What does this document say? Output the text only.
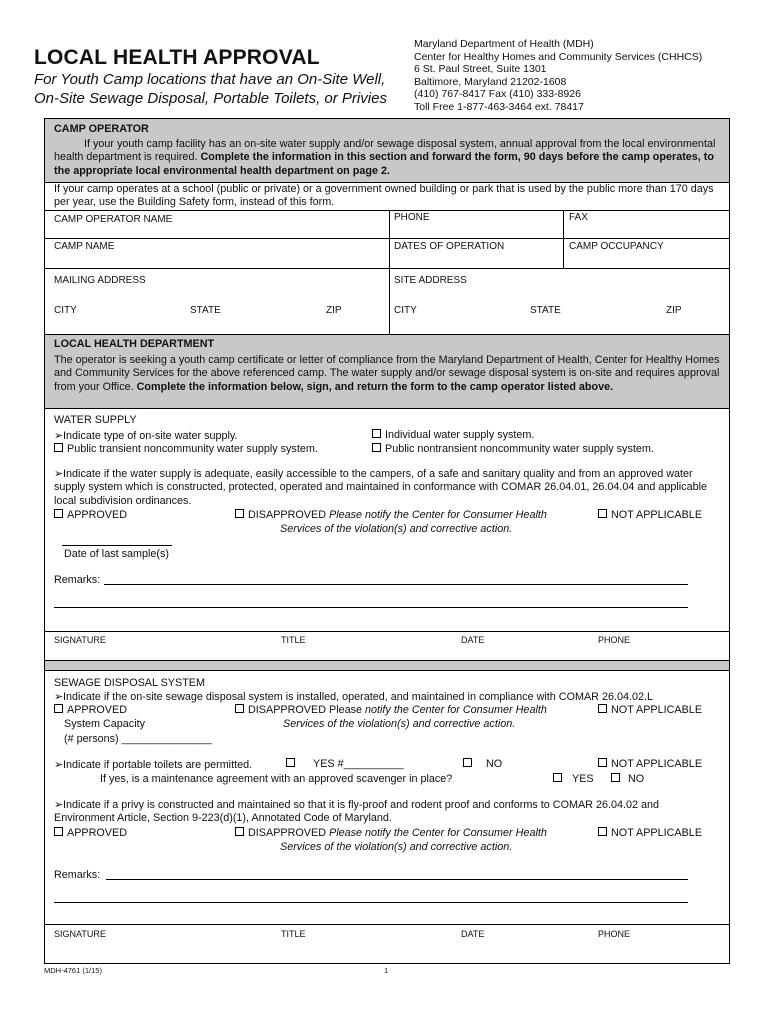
LOCAL HEALTH APPROVAL
For Youth Camp locations that have an On-Site Well,
On-Site Sewage Disposal, Portable Toilets, or Privies
Maryland Department of Health (MDH)
Center for Healthy Homes and Community Services (CHHCS)
6 St. Paul Street, Suite 1301
Baltimore, Maryland 21202-1608
(410) 767-8417 Fax (410) 333-8926
Toll Free 1-877-463-3464 ext. 78417
CAMP OPERATOR
If your youth camp facility has an on-site water supply and/or sewage disposal system, annual approval from the local environmental health department is required. Complete the information in this section and forward the form, 90 days before the camp operates, to the appropriate local environmental health department on page 2.
If your camp operates at a school (public or private) or a government owned building or park that is used by the public more than 170 days per year, use the Building Safety form, instead of this form.
CAMP OPERATOR NAME	PHONE	FAX
CAMP NAME	DATES OF OPERATION	CAMP OCCUPANCY
MAILING ADDRESS	SITE ADDRESS
CITY	STATE	ZIP	CITY	STATE	ZIP
LOCAL HEALTH DEPARTMENT
The operator is seeking a youth camp certificate or letter of compliance from the Maryland Department of Health, Center for Healthy Homes and Community Services for the above referenced camp. The water supply and/or sewage disposal system is on-site and requires approval from your Office. Complete the information below, sign, and return the form to the camp operator listed above.
WATER SUPPLY
➢Indicate type of on-site water supply.	Individual water supply system.
Public transient noncommunity water supply system.	Public nontransient noncommunity water supply system.
➢Indicate if the water supply is adequate, easily accessible to the campers, of a safe and sanitary quality and from an approved water supply system which is constructed, protected, operated and maintained in conformance with COMAR 26.04.01, 26.04.04 and applicable local subdivision ordinances.
APPROVED	DISAPPROVED Please notify the Center for Consumer Health
Services of the violation(s) and corrective action.
NOT APPLICABLE
Date of last sample(s)
Remarks:
SIGNATURE	TITLE	DATE	PHONE
SEWAGE DISPOSAL SYSTEM
➢Indicate if the on-site sewage disposal system is installed, operated, and maintained in compliance with COMAR 26.04.02.L
APPROVED
System Capacity
(# persons) _______________
DISAPPROVED Please notify the Center for Consumer Health
Services of the violation(s) and corrective action.
NOT APPLICABLE
➢Indicate if portable toilets are permitted.	YES #__________	NO	NOT APPLICABLE
If yes, is a maintenance agreement with an approved scavenger in place?	YES	NO
➢Indicate if a privy is constructed and maintained so that it is fly-proof and rodent proof and conforms to COMAR 26.04.02 and Environment Article, Section 9-223(d)(1), Annotated Code of Maryland.
APPROVED	DISAPPROVED Please notify the Center for Consumer Health
Services of the violation(s) and corrective action.
NOT APPLICABLE
Remarks:
SIGNATURE	TITLE	DATE	PHONE
MDH-4761 (1/15)	1
